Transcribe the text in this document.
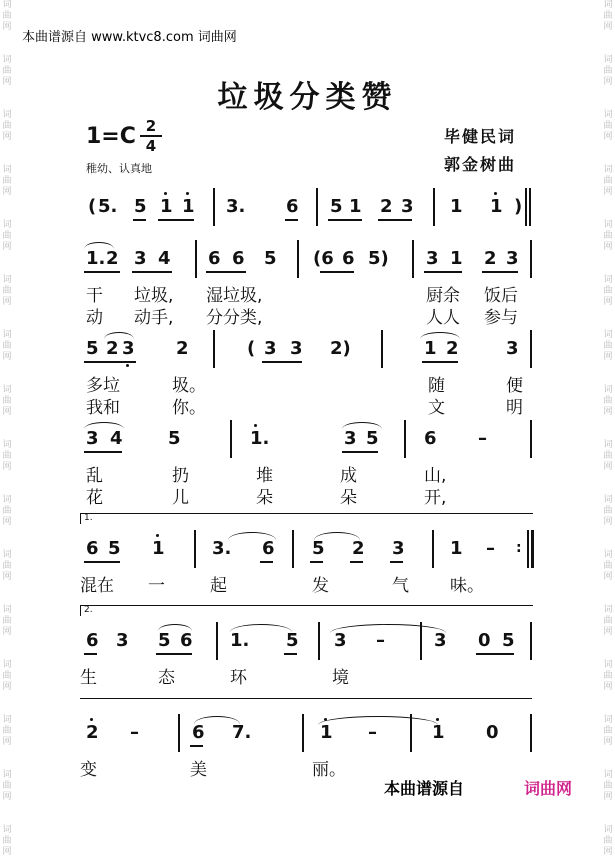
词
曲
网

词
曲
网

词
曲
网

词
曲
网

词
曲
网

词
曲
网

词
曲
网

词
曲
网

词
曲
网

词
曲
网

词
曲
网

词
曲
网

词
曲
网

词
曲
网

词
曲
网

词
曲
网

词
曲
网

词
曲
网

词
曲
网

词
曲
网

词
曲
网

词
曲
网

词
曲
网

词
曲
网

词
曲
网

词
曲
网

词
曲
网

词
曲
网

词
曲
网

词
曲
网

词
曲
网

词
曲
网

本曲谱源自 www.ktvc8.com 词曲网
垃圾分类赞
1=C 2
4
稚幼、认真地
毕健民词
郭金树曲
( 5. 5 1 1 3. 6 5 1 2 3 1 1 )
1. 2 3 4 6 6 5 (6 6 5) 3 1 2 3
干 垃圾, 湿垃圾,	厨余 饭后
动 动手, 分分类,	人人 参与
5 2 3 2	( 3 3 2)	1 2	3
多垃	圾。	随	便
我和	你。	文	明
3 4	5	1.	3 5	6 –
乱	扔	堆	成	山,
花	儿	朵	朵	开,
1.
6 5 1	3. 6 5 2 3	1 – :
混在 一	起	发	气 味。
2.
6 3 5 6 1. 5 3 –	3 0 5
生	态	环	境
2 –	6 7.	1 –	1 0
变	美	丽。
本曲谱源自	词曲网
